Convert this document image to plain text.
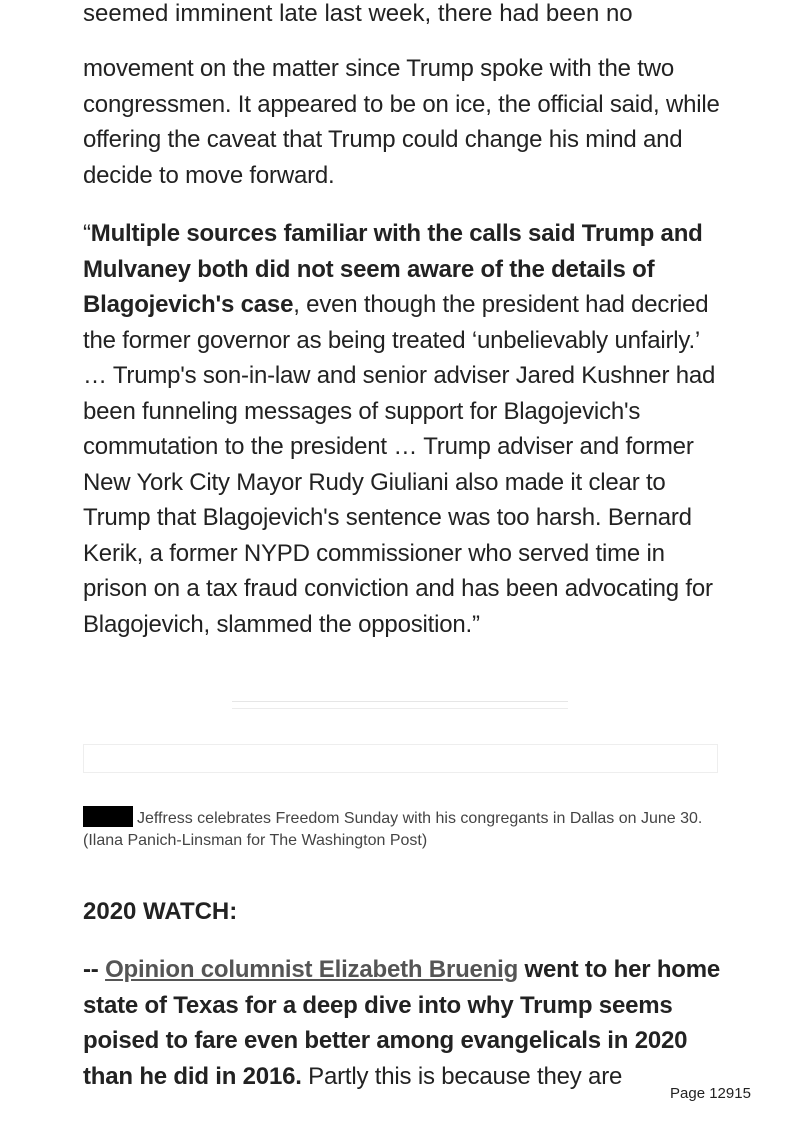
seemed imminent late last week, there had been no

movement on the matter since Trump spoke with the two congressmen. It appeared to be on ice, the official said, while offering the caveat that Trump could change his mind and decide to move forward.

“Multiple sources familiar with the calls said Trump and Mulvaney both did not seem aware of the details of Blagojevich's case, even though the president had decried the former governor as being treated ‘unbelievably unfairly.’ … Trump's son-in-law and senior adviser Jared Kushner had been funneling messages of support for Blagojevich's commutation to the president … Trump adviser and former New York City Mayor Rudy Giuliani also made it clear to Trump that Blagojevich's sentence was too harsh. Bernard Kerik, a former NYPD commissioner who served time in prison on a tax fraud conviction and has been advocating for Blagojevich, slammed the opposition.”

Jeffress celebrates Freedom Sunday with his congregants in Dallas on June 30. (Ilana Panich-Linsman for The Washington Post)

2020 WATCH:

-- Opinion columnist Elizabeth Bruenig went to her home state of Texas for a deep dive into why Trump seems poised to fare even better among evangelicals in 2020 than he did in 2016. Partly this is because they are

Page 12915
